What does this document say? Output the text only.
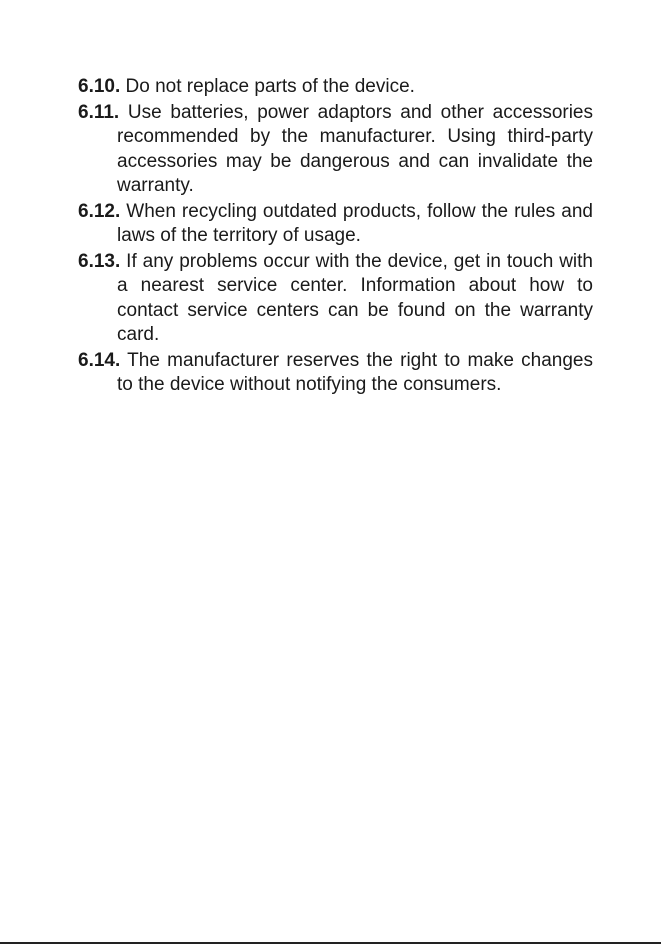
6.10. Do not replace parts of the device.

6.11. Use batteries, power adaptors and other accessories recommended by the manufacturer. Using third-party accessories may be dangerous and can invalidate the warranty.

6.12. When recycling outdated products, follow the rules and laws of the territory of usage.

6.13. If any problems occur with the device, get in touch with a nearest service center. Information about how to contact service centers can be found on the warranty card.

6.14. The manufacturer reserves the right to make changes to the device without notifying the consumers.
